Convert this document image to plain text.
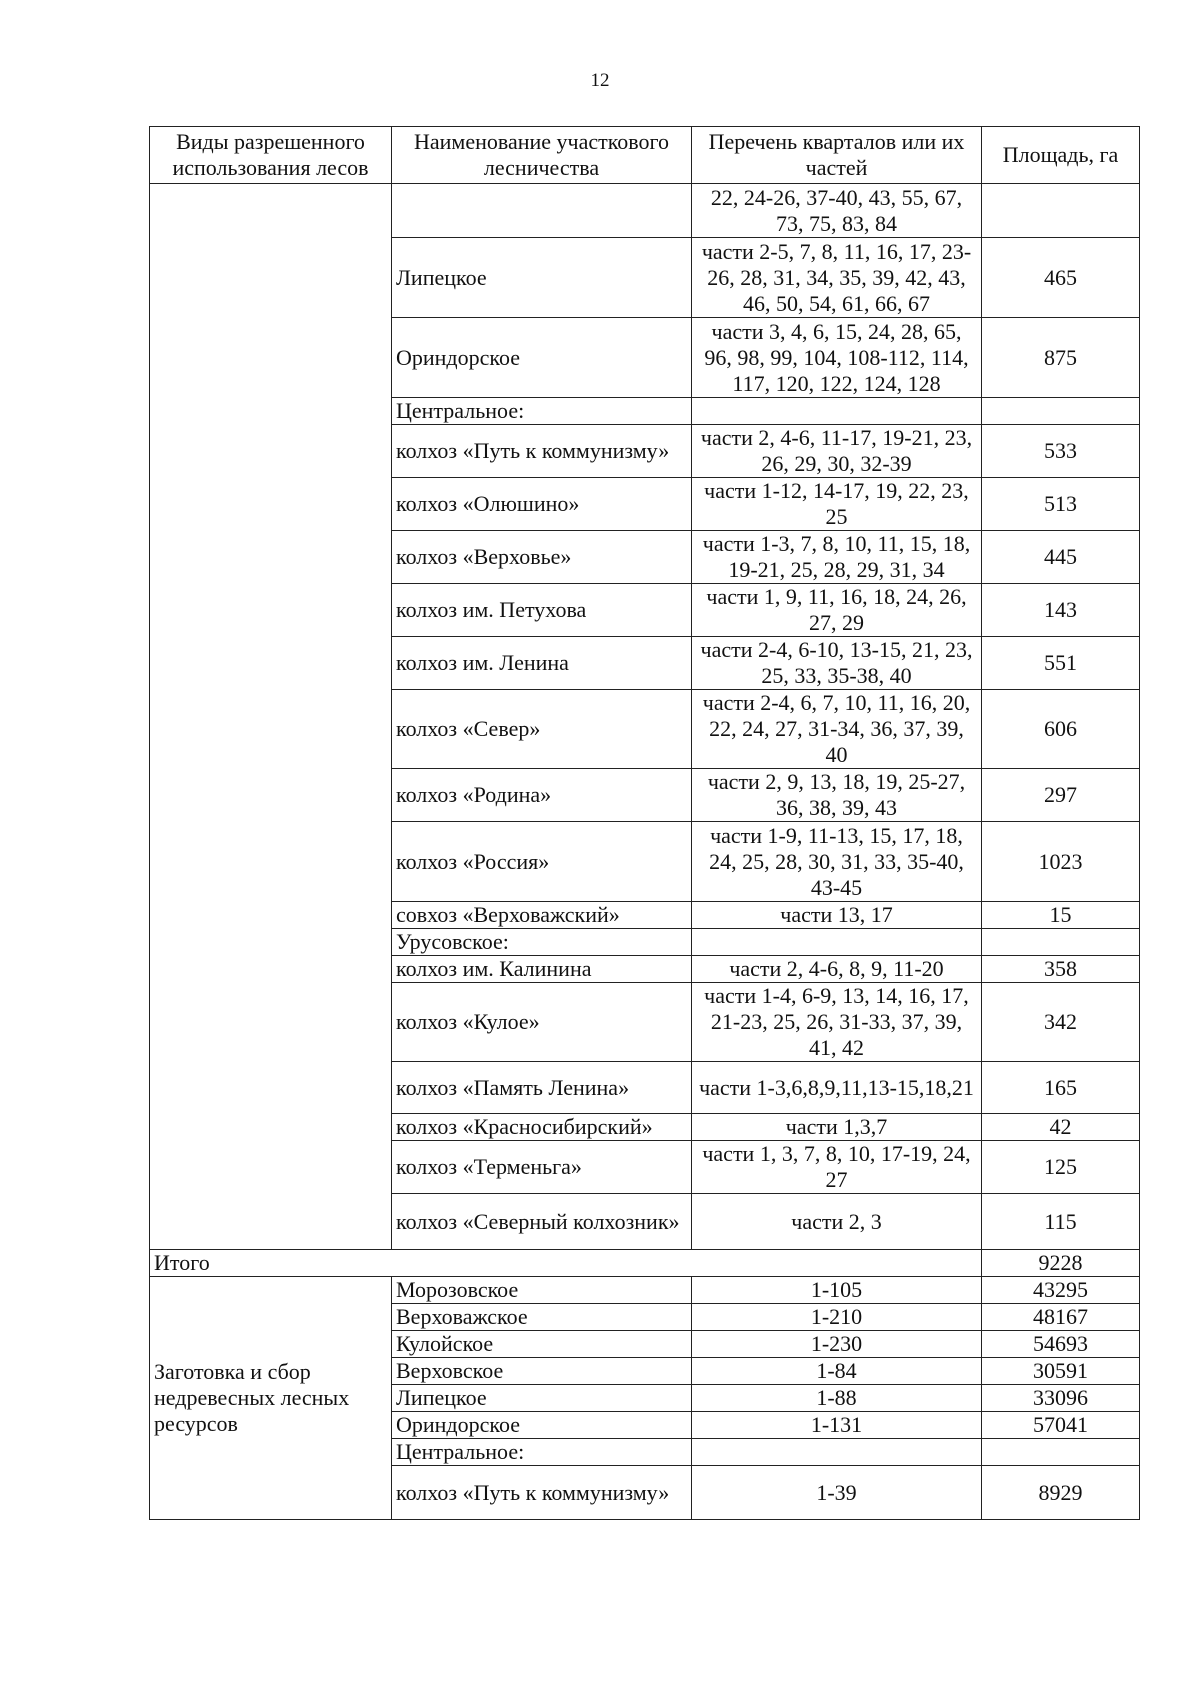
12
Виды разрешенного использования лесов	Наименование участкового лесничества	Перечень кварталов или их частей	Площадь, га
		22, 24-26, 37-40, 43, 55, 67, 73, 75, 83, 84	
	Липецкое	части 2-5, 7, 8, 11, 16, 17, 23-26, 28, 31, 34, 35, 39, 42, 43, 46, 50, 54, 61, 66, 67	465
	Ориндорское	части 3, 4, 6, 15, 24, 28, 65, 96, 98, 99, 104, 108-112, 114, 117, 120, 122, 124, 128	875
	Центральное:		
	колхоз «Путь к коммунизму»	части 2, 4-6, 11-17, 19-21, 23, 26, 29, 30, 32-39	533
	колхоз «Олюшино»	части 1-12, 14-17, 19, 22, 23, 25	513
	колхоз «Верховье»	части 1-3, 7, 8, 10, 11, 15, 18, 19-21, 25, 28, 29, 31, 34	445
	колхоз им. Петухова	части 1, 9, 11, 16, 18, 24, 26, 27, 29	143
	колхоз им. Ленина	части 2-4, 6-10, 13-15, 21, 23, 25, 33, 35-38, 40	551
	колхоз «Север»	части 2-4, 6, 7, 10, 11, 16, 20, 22, 24, 27, 31-34, 36, 37, 39, 40	606
	колхоз «Родина»	части 2, 9, 13, 18, 19, 25-27, 36, 38, 39, 43	297
	колхоз «Россия»	части 1-9, 11-13, 15, 17, 18, 24, 25, 28, 30, 31, 33, 35-40, 43-45	1023
	совхоз «Верховажский»	части 13, 17	15
	Урусовское:		
	колхоз им. Калинина	части 2, 4-6, 8, 9, 11-20	358
	колхоз «Кулое»	части 1-4, 6-9, 13, 14, 16, 17, 21-23, 25, 26, 31-33, 37, 39, 41, 42	342
	колхоз «Память Ленина»	части 1-3,6,8,9,11,13-15,18,21	165
	колхоз «Красносибирский»	части 1,3,7	42
	колхоз «Терменьга»	части 1, 3, 7, 8, 10, 17-19, 24, 27	125
	колхоз «Северный колхозник»	части 2, 3	115
Итого			9228
Заготовка и сбор недревесных лесных ресурсов	Морозовское	1-105	43295
	Верховажское	1-210	48167
	Кулойское	1-230	54693
	Верховское	1-84	30591
	Липецкое	1-88	33096
	Ориндорское	1-131	57041
	Центральное:		
	колхоз «Путь к коммунизму»	1-39	8929
